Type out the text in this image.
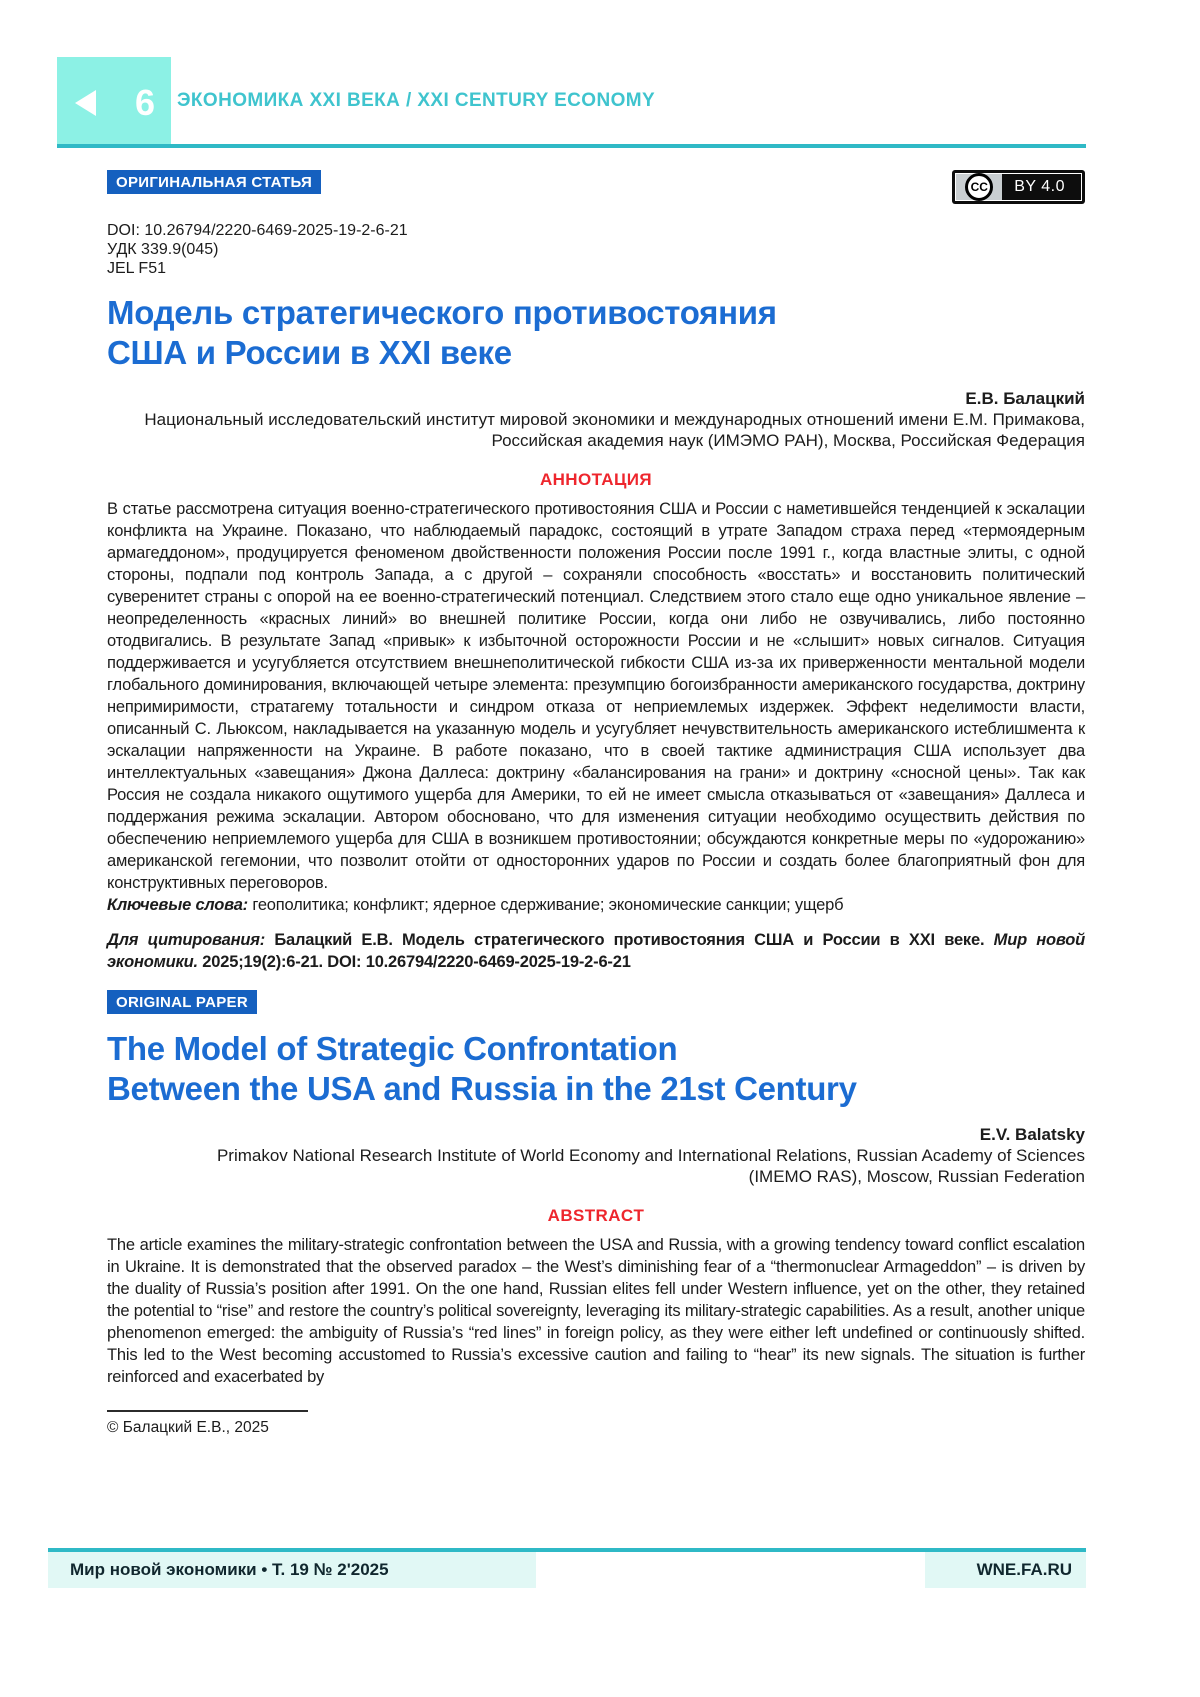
6 ЭКОНОМИКА XXI ВЕКА / XXI CENTURY ECONOMY
ОРИГИНАЛЬНАЯ СТАТЬЯ	CC	BY 4.0
DOI: 10.26794/2220-6469-2025-19-2-6-21
УДК 339.9(045)
JEL F51
Модель стратегического противостояния
США и России в XXI веке
Е.В. Балацкий
Национальный исследовательский институт мировой экономики и международных отношений имени Е.М. Примакова,
Российская академия наук (ИМЭМО РАН), Москва, Российская Федерация
АННОТАЦИЯ
В статье рассмотрена ситуация военно-стратегического противостояния США и России с наметившейся тенденцией к эскалации конфликта на Украине. Показано, что наблюдаемый парадокс, состоящий в утрате Западом страха перед «термоядерным армагеддоном», продуцируется феноменом двойственности положения России после 1991 г., когда властные элиты, с одной стороны, подпали под контроль Запада, а с другой – сохраняли способность «восстать» и восстановить политический суверенитет страны с опорой на ее военно-стратегический потенциал. Следствием этого стало еще одно уникальное явление – неопределенность «красных линий» во внешней политике России, когда они либо не озвучивались, либо постоянно отодвигались. В результате Запад «привык» к избыточной осторожности России и не «слышит» новых сигналов. Ситуация поддерживается и усугубляется отсутствием внешнеполитической гибкости США из-за их приверженности ментальной модели глобального доминирования, включающей четыре элемента: презумпцию богоизбранности американского государства, доктрину непримиримости, стратагему тотальности и синдром отказа от неприемлемых издержек. Эффект неделимости власти, описанный С. Льюксом, накладывается на указанную модель и усугубляет нечувствительность американского истеблишмента к эскалации напряженности на Украине. В работе показано, что в своей тактике администрация США использует два интеллектуальных «завещания» Джона Даллеса: доктрину «балансирования на грани» и доктрину «сносной цены». Так как Россия не создала никакого ощутимого ущерба для Америки, то ей не имеет смысла отказываться от «завещания» Даллеса и поддержания режима эскалации. Автором обосновано, что для изменения ситуации необходимо осуществить действия по обеспечению неприемлемого ущерба для США в возникшем противостоянии; обсуждаются конкретные меры по «удорожанию» американской гегемонии, что позволит отойти от односторонних ударов по России и создать более благоприятный фон для конструктивных переговоров.
Ключевые слова: геополитика; конфликт; ядерное сдерживание; экономические санкции; ущерб
Для цитирования: Балацкий Е.В. Модель стратегического противостояния США и России в XXI веке. Мир новой экономики. 2025;19(2):6-21. DOI: 10.26794/2220-6469-2025-19-2-6-21
ORIGINAL PAPER
The Model of Strategic Confrontation
Between the USA and Russia in the 21st Century
E.V. Balatsky
Primakov National Research Institute of World Economy and International Relations, Russian Academy of Sciences
(IMEMO RAS), Moscow, Russian Federation
ABSTRACT
The article examines the military-strategic confrontation between the USA and Russia, with a growing tendency toward conflict escalation in Ukraine. It is demonstrated that the observed paradox – the West’s diminishing fear of a “thermonuclear Armageddon” – is driven by the duality of Russia’s position after 1991. On the one hand, Russian elites fell under Western influence, yet on the other, they retained the potential to “rise” and restore the country’s political sovereignty, leveraging its military-strategic capabilities. As a result, another unique phenomenon emerged: the ambiguity of Russia’s “red lines” in foreign policy, as they were either left undefined or continuously shifted. This led to the West becoming accustomed to Russia’s excessive caution and failing to “hear” its new signals. The situation is further reinforced and exacerbated by
© Балацкий Е.В., 2025
Мир новой экономики • Т. 19 № 2'2025	WNE.FA.RU
